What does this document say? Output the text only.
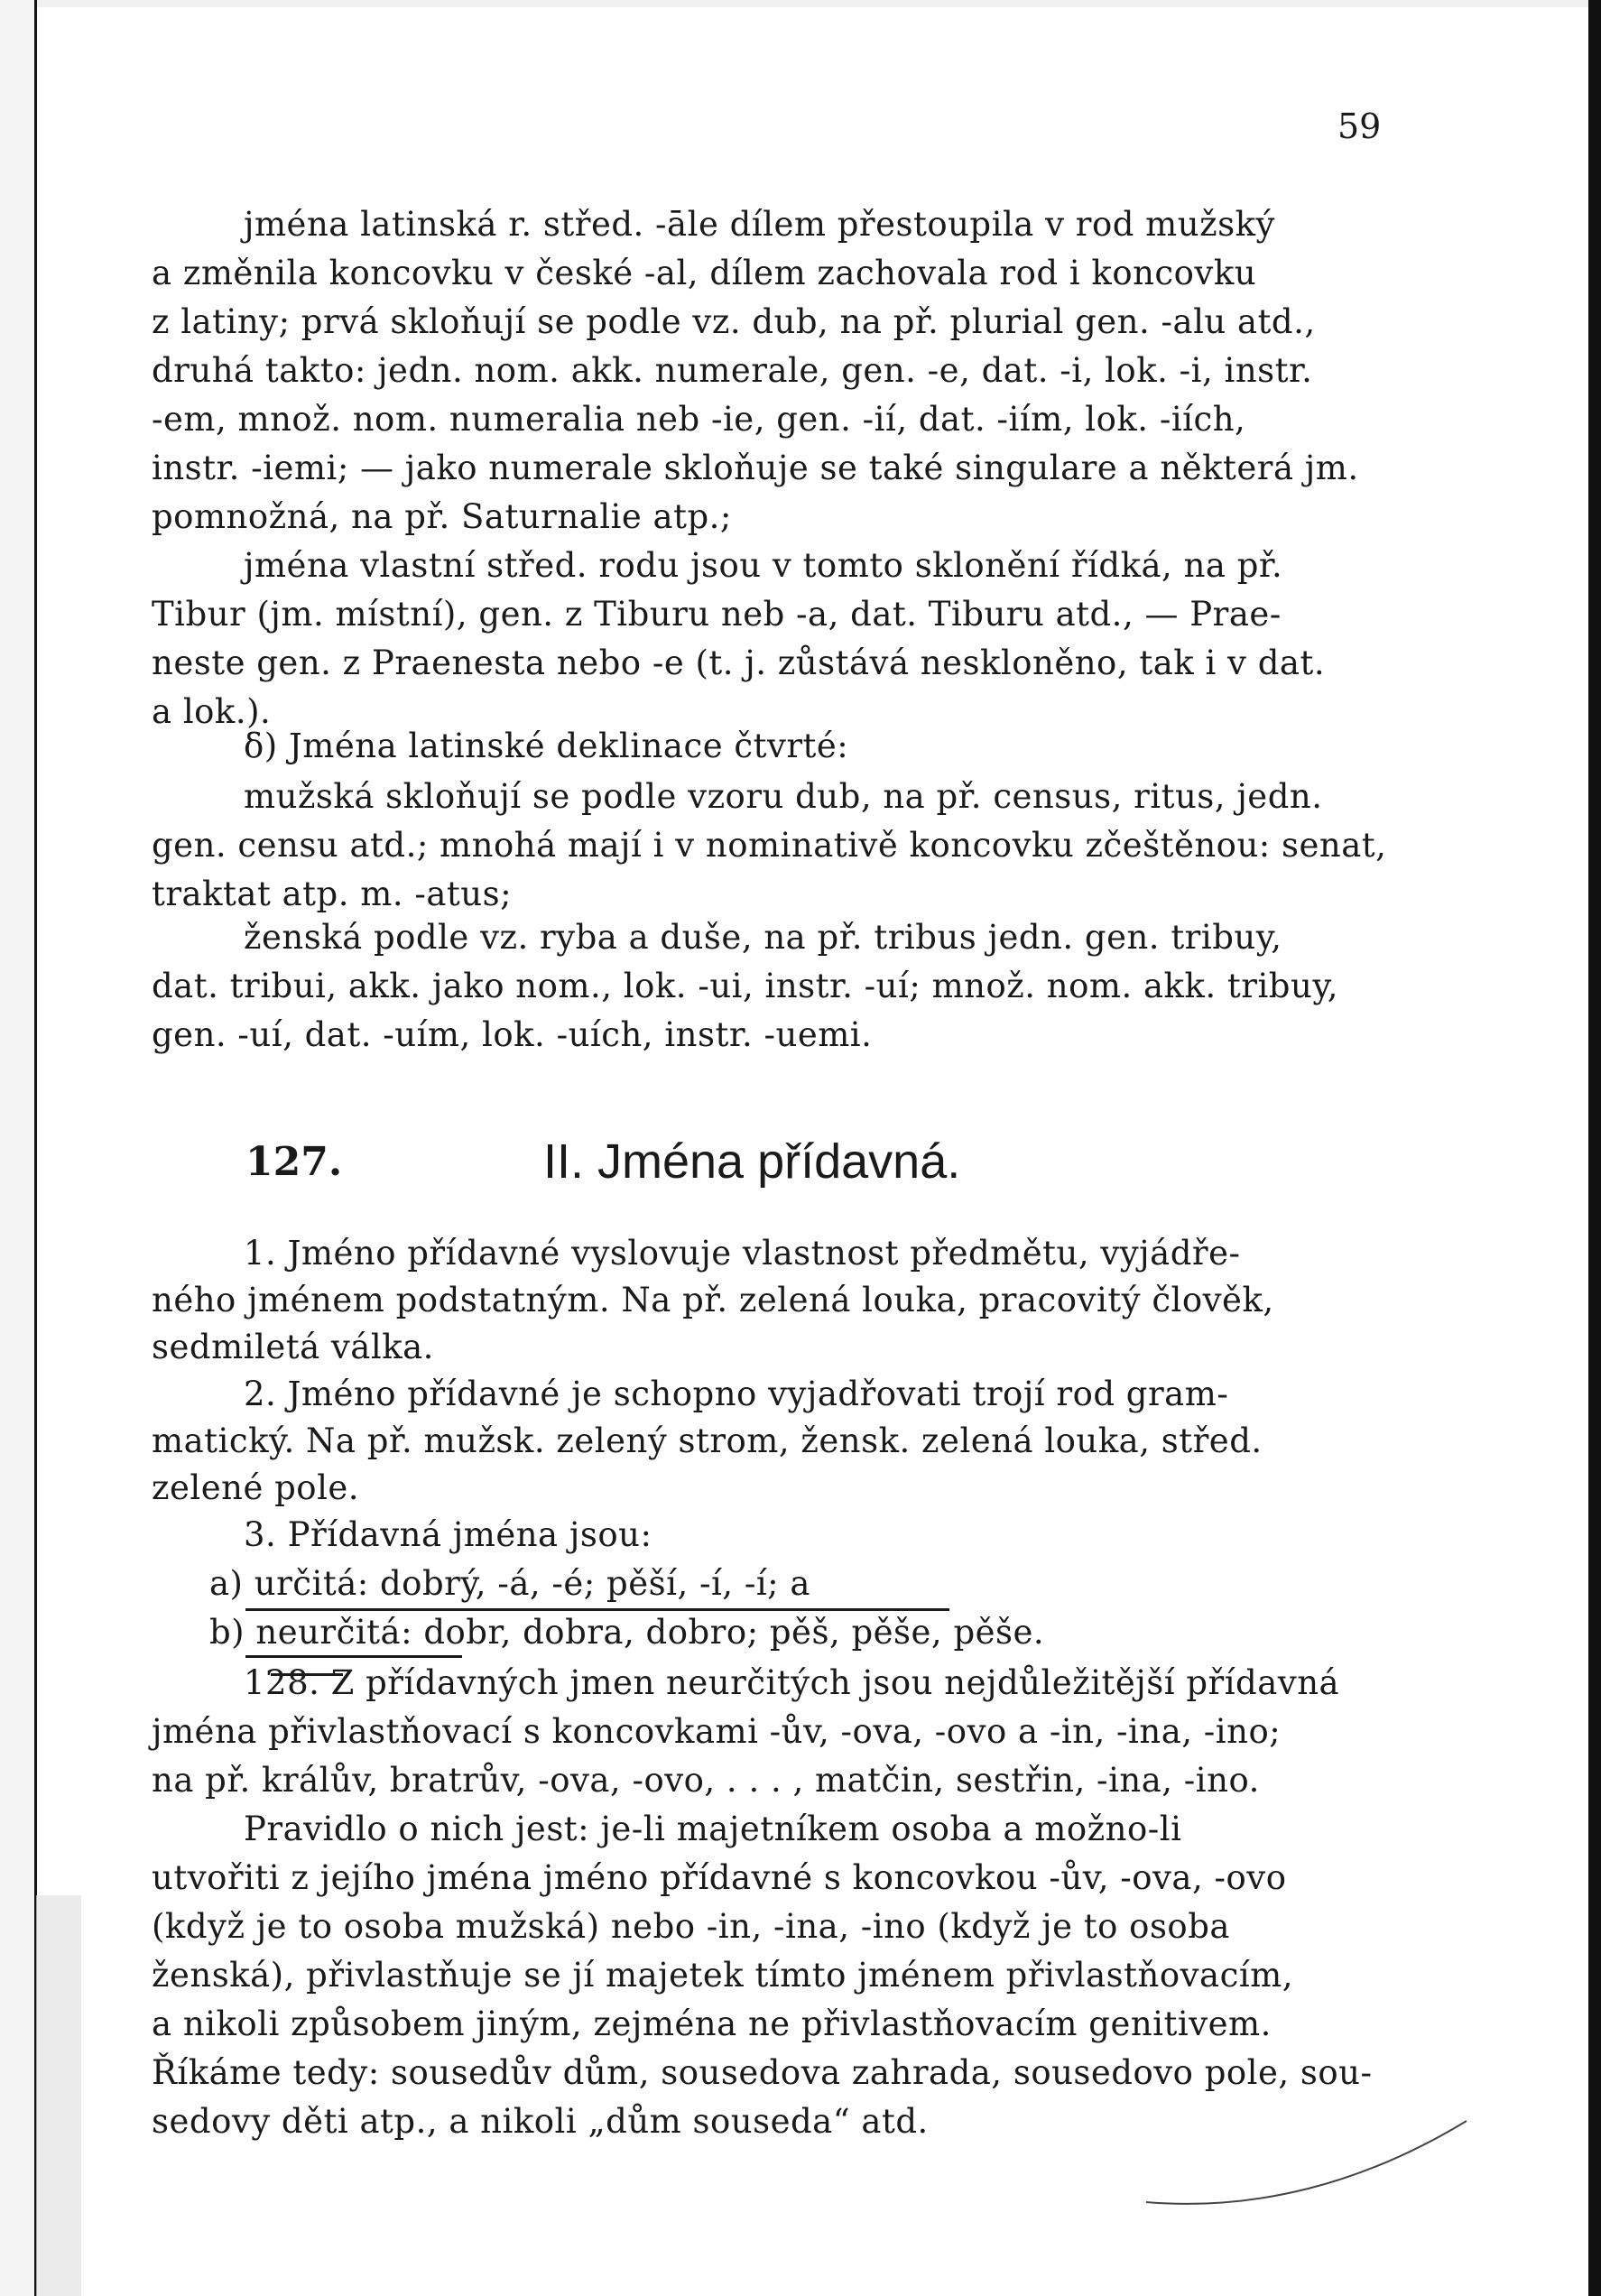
59
jména latinská r. střed. -āle dílem přestoupila v rod mužský
a změnila koncovku v české -al, dílem zachovala rod i koncovku
z latiny; prvá skloňují se podle vz. dub, na př. plurial gen. -alu atd.,
druhá takto: jedn. nom. akk. numerale, gen. -e, dat. -i, lok. -i, instr.
-em, množ. nom. numeralia neb -ie, gen. -ií, dat. -iím, lok. -iích,
instr. -iemi; — jako numerale skloňuje se také singulare a některá jm.
pomnožná, na př. Saturnalie atp.;
jména vlastní střed. rodu jsou v tomto sklonění řídká, na př.
Tibur (jm. místní), gen. z Tiburu neb -a, dat. Tiburu atd., — Prae-
neste gen. z Praenesta nebo -e (t. j. zůstává neskloněno, tak i v dat.
a lok.).
δ) Jména latinské deklinace čtvrté:
mužská skloňují se podle vzoru dub, na př. census, ritus, jedn.
gen. censu atd.; mnohá mají i v nominativě koncovku zčeštěnou: senat,
traktat atp. m. -atus;
ženská podle vz. ryba a duše, na př. tribus jedn. gen. tribuy,
dat. tribui, akk. jako nom., lok. -ui, instr. -uí; množ. nom. akk. tribuy,
gen. -uí, dat. -uím, lok. -uích, instr. -uemi.
127.	II. Jména přídavná.
1. Jméno přídavné vyslovuje vlastnost předmětu, vyjádře-
ného jménem podstatným. Na př. zelená louka, pracovitý člověk,
sedmiletá válka.
2. Jméno přídavné je schopno vyjadřovati trojí rod gram-
matický. Na př. mužsk. zelený strom, žensk. zelená louka, střed.
zelené pole.
3. Přídavná jména jsou:
a) určitá: dobrý, -á, -é; pěší, -í, -í; a
b) neurčitá: dobr, dobra, dobro; pěš, pěše, pěše.
128. Z přídavných jmen neurčitých jsou nejdůležitější přídavná
jména přivlastňovací s koncovkami -ův, -ova, -ovo a -in, -ina, -ino;
na př. králův, bratrův, -ova, -ovo, . . . , matčin, sestřin, -ina, -ino.
Pravidlo o nich jest: je-li majetníkem osoba a možno-li
utvořiti z jejího jména jméno přídavné s koncovkou -ův, -ova, -ovo
(když je to osoba mužská) nebo -in, -ina, -ino (když je to osoba
ženská), přivlastňuje se jí majetek tímto jménem přivlastňovacím,
a nikoli způsobem jiným, zejména ne přivlastňovacím genitivem.
Říkáme tedy: sousedův dům, sousedova zahrada, sousedovo pole, sou-
sedovy děti atp., a nikoli „dům souseda“ atd.
